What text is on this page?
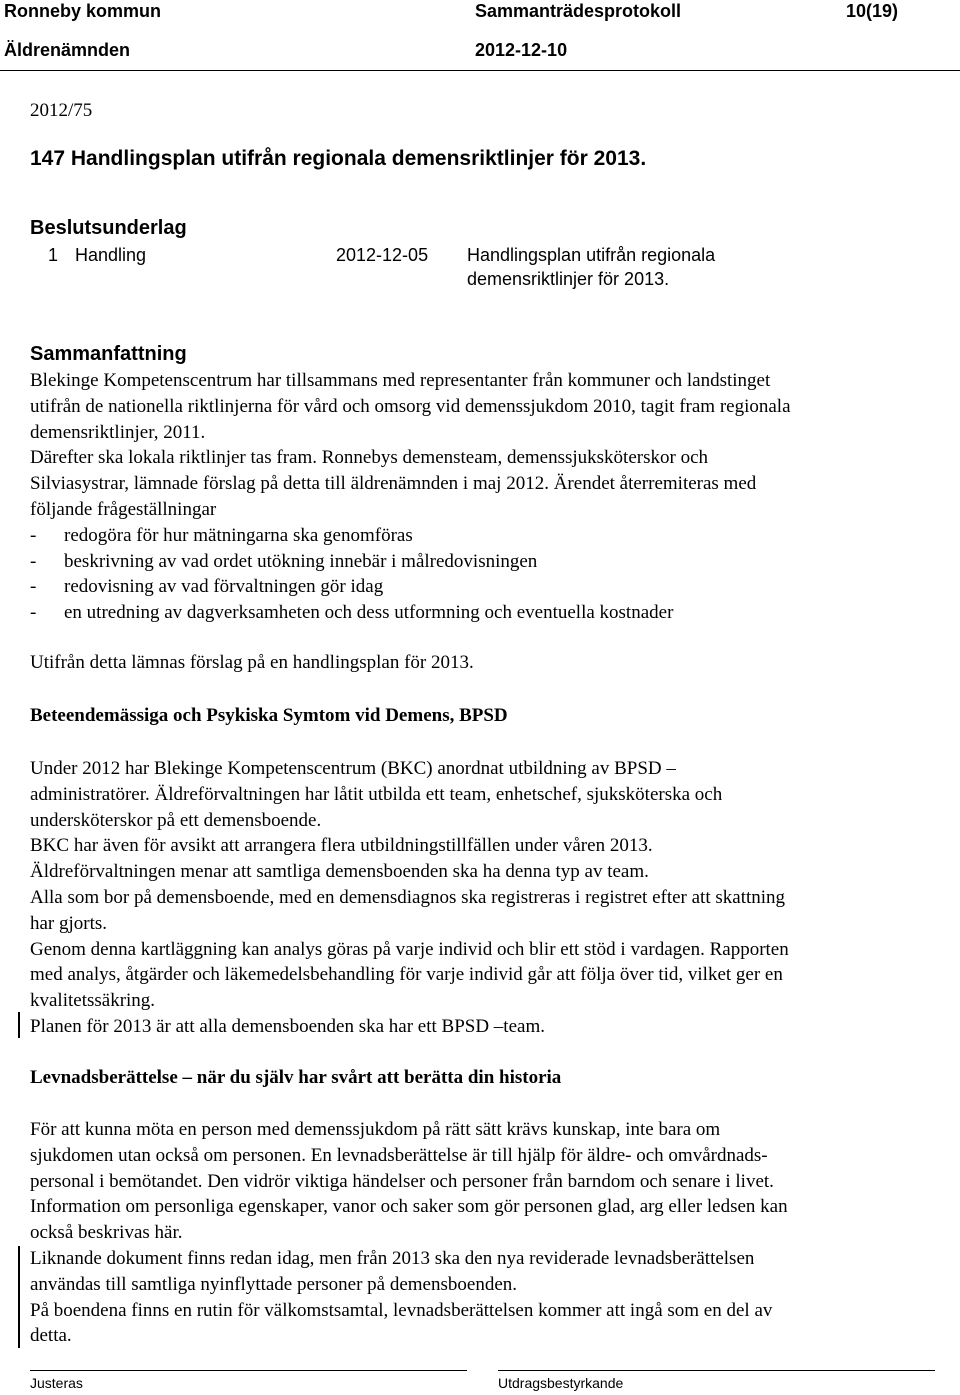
Ronneby kommun	Sammanträdesprotokoll	10(19)
Äldrenämnden	2012-12-10
2012/75
147 Handlingsplan utifrån regionala demensriktlinjer för 2013.
Beslutsunderlag
1 Handling	2012-12-05 Handlingsplan utifrån regionala
demensriktlinjer för 2013.
Sammanfattning
Blekinge Kompetenscentrum har tillsammans med representanter från kommuner och landstinget
utifrån de nationella riktlinjerna för vård och omsorg vid demenssjukdom 2010, tagit fram regionala
demensriktlinjer, 2011.
Därefter ska lokala riktlinjer tas fram. Ronnebys demensteam, demenssjuksköterskor och
Silviasystrar, lämnade förslag på detta till äldrenämnden i maj 2012. Ärendet återremiteras med
följande frågeställningar
- redogöra för hur mätningarna ska genomföras
- beskrivning av vad ordet utökning innebär i målredovisningen
- redovisning av vad förvaltningen gör idag
- en utredning av dagverksamheten och dess utformning och eventuella kostnader
Utifrån detta lämnas förslag på en handlingsplan för 2013.
Beteendemässiga och Psykiska Symtom vid Demens, BPSD
Under 2012 har Blekinge Kompetenscentrum (BKC) anordnat utbildning av BPSD –
administratörer. Äldreförvaltningen har låtit utbilda ett team, enhetschef, sjuksköterska och
undersköterskor på ett demensboende.
BKC har även för avsikt att arrangera flera utbildningstillfällen under våren 2013.
Äldreförvaltningen menar att samtliga demensboenden ska ha denna typ av team.
Alla som bor på demensboende, med en demensdiagnos ska registreras i registret efter att skattning
har gjorts.
Genom denna kartläggning kan analys göras på varje individ och blir ett stöd i vardagen. Rapporten
med analys, åtgärder och läkemedelsbehandling för varje individ går att följa över tid, vilket ger en
kvalitetssäkring.
Planen för 2013 är att alla demensboenden ska har ett BPSD –team.
Levnadsberättelse – när du själv har svårt att berätta din historia
För att kunna möta en person med demenssjukdom på rätt sätt krävs kunskap, inte bara om
sjukdomen utan också om personen. En levnadsberättelse är till hjälp för äldre- och omvårdnads-
personal i bemötandet. Den vidrör viktiga händelser och personer från barndom och senare i livet.
Information om personliga egenskaper, vanor och saker som gör personen glad, arg eller ledsen kan
också beskrivas här.
Liknande dokument finns redan idag, men från 2013 ska den nya reviderade levnadsberättelsen
användas till samtliga nyinflyttade personer på demensboenden.
På boendena finns en rutin för välkomstsamtal, levnadsberättelsen kommer att ingå som en del av
detta.
Justeras	Utdragsbestyrkande
